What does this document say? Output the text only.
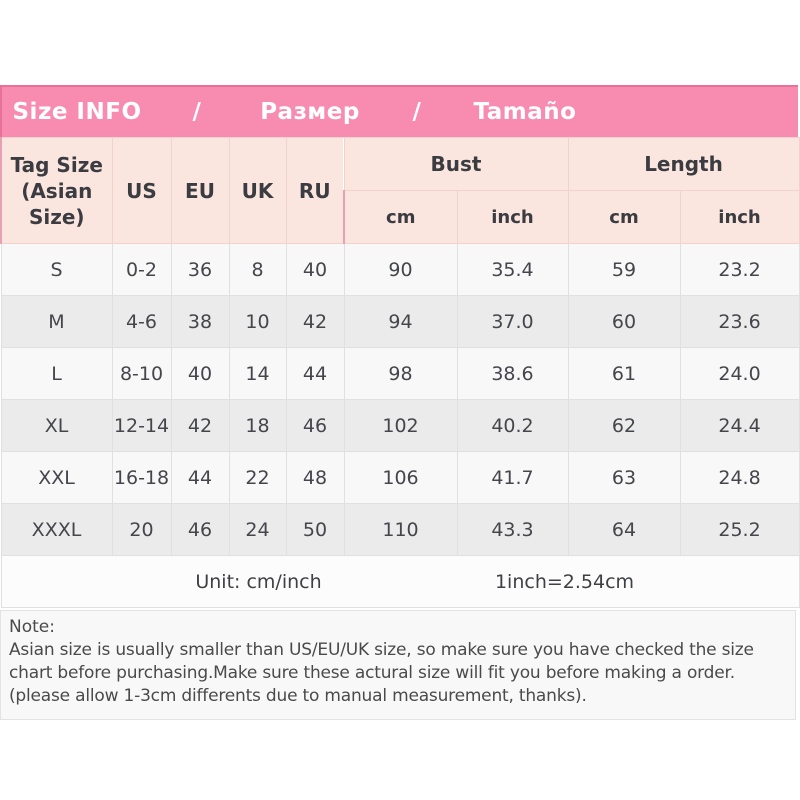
Size INFO /	Размер / Tamaño
Tag Size
(Asian Size)	US	EU	UK	RU	Bust		Length	
					cm	inch	cm	inch
S	0-2	36	8	40	90	35.4	59	23.2
M	4-6	38	10	42	94	37.0	60	23.6
L	8-10	40	14	44	98	38.6	61	24.0
XL	12-14	42	18	46	102	40.2	62	24.4
XXL	16-18	44	22	48	106	41.7	63	24.8
XXXL	20	46	24	50	110	43.3	64	25.2

Unit: cm/inch 1inch=2.54cm								

Note:

Asian size is usually smaller than US/EU/UK size, so make sure you have checked the size chart before purchasing.Make sure these actural size will fit you before making a order.(please allow 1-3cm differents due to manual measurement, thanks).
